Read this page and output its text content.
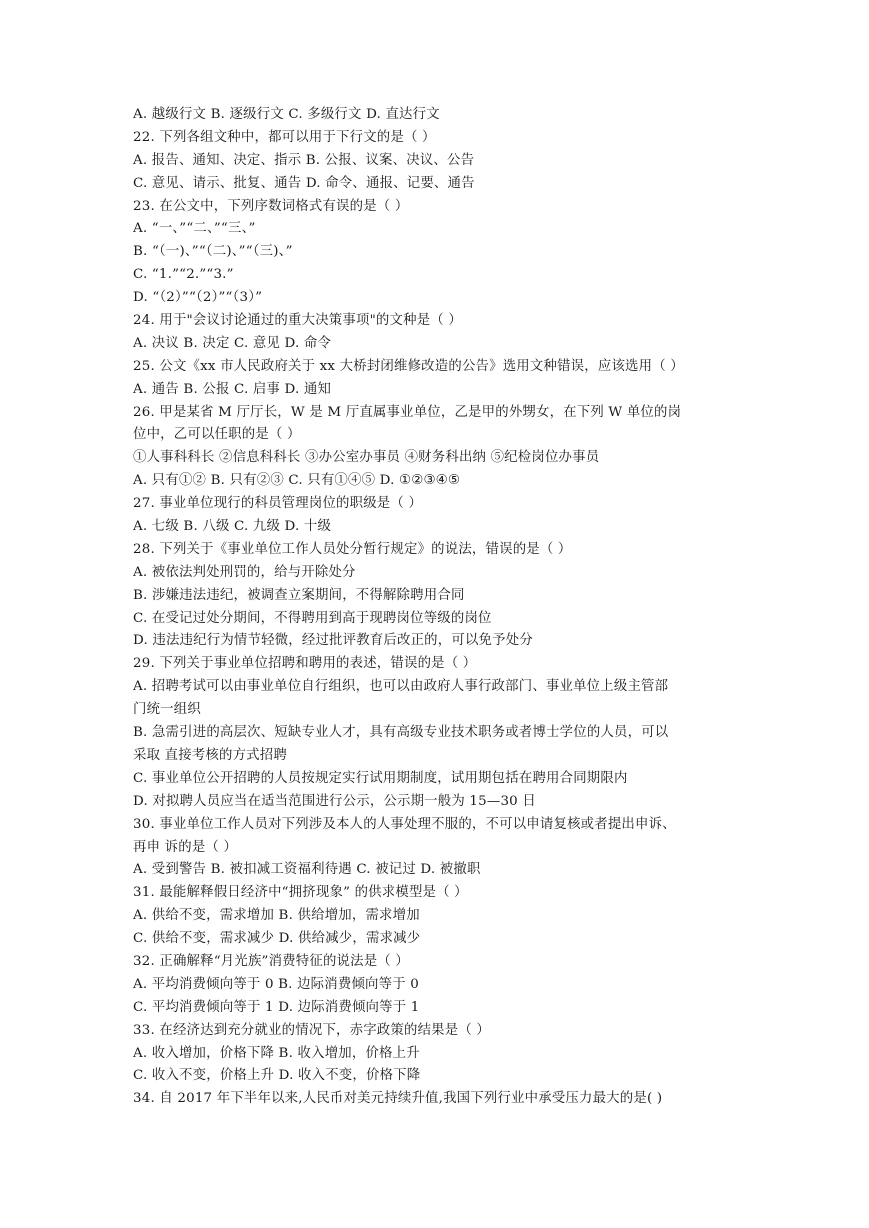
A. 越级行文 B. 逐级行文 C. 多级行文 D. 直达行文
22. 下列各组文种中，都可以用于下行文的是（ ）
A. 报告、通知、决定、指示 B. 公报、议案、决议、公告
C. 意见、请示、批复、通告 D. 命令、通报、记要、通告
23. 在公文中，下列序数词格式有误的是（ ）
A. “一、”“二、”“三、”
B. “（一)、”“（二)、”“（三)、”
C. “1.”“2.”“3.”
D. “（2）”“（2）”“（3）”
24. 用于"会议讨论通过的重大决策事项"的文种是（ ）
A. 决议 B. 决定 C. 意见 D. 命令
25. 公文《xx 市人民政府关于 xx 大桥封闭维修改造的公告》选用文种错误，应该选用（ ）
A. 通告 B. 公报 C. 启事 D. 通知
26. 甲是某省 M 厅厅长，W 是 M 厅直属事业单位，乙是甲的外甥女，在下列 W 单位的岗
位中，乙可以任职的是（ ）
①人事科科长 ②信息科科长 ③办公室办事员 ④财务科出纳 ⑤纪检岗位办事员
A. 只有①② B. 只有②③ C. 只有①④⑤ D. ①②③④⑤
27. 事业单位现行的科员管理岗位的职级是（ ）
A. 七级 B. 八级 C. 九级 D. 十级
28. 下列关于《事业单位工作人员处分暂行规定》的说法，错误的是（ ）
A. 被依法判处刑罚的，给与开除处分
B. 涉嫌违法违纪，被调查立案期间，不得解除聘用合同
C. 在受记过处分期间，不得聘用到高于现聘岗位等级的岗位
D. 违法违纪行为情节轻微，经过批评教育后改正的，可以免予处分
29. 下列关于事业单位招聘和聘用的表述，错误的是（ ）
A. 招聘考试可以由事业单位自行组织，也可以由政府人事行政部门、事业单位上级主管部
门统一组织
B. 急需引进的高层次、短缺专业人才，具有高级专业技术职务或者博士学位的人员，可以
采取 直接考核的方式招聘
C. 事业单位公开招聘的人员按规定实行试用期制度，试用期包括在聘用合同期限内
D. 对拟聘人员应当在适当范围进行公示，公示期一般为 15—30 日
30. 事业单位工作人员对下列涉及本人的人事处理不服的，不可以申请复核或者提出申诉、
再申 诉的是（ ）
A. 受到警告 B. 被扣减工资福利待遇 C. 被记过 D. 被撤职
31. 最能解释假日经济中“拥挤现象” 的供求模型是（ ）
A. 供给不变，需求增加 B. 供给增加，需求增加
C. 供给不变，需求减少 D. 供给减少，需求减少
32. 正确解释“月光族”消费特征的说法是（ ）
A. 平均消费倾向等于 0 B. 边际消费倾向等于 0
C. 平均消费倾向等于 1 D. 边际消费倾向等于 1
33. 在经济达到充分就业的情况下，赤字政策的结果是（ ）
A. 收入增加，价格下降 B. 收入增加，价格上升
C. 收入不变，价格上升 D. 收入不变，价格下降
34. 自 2017 年下半年以来,人民币对美元持续升值,我国下列行业中承受压力最大的是( )
